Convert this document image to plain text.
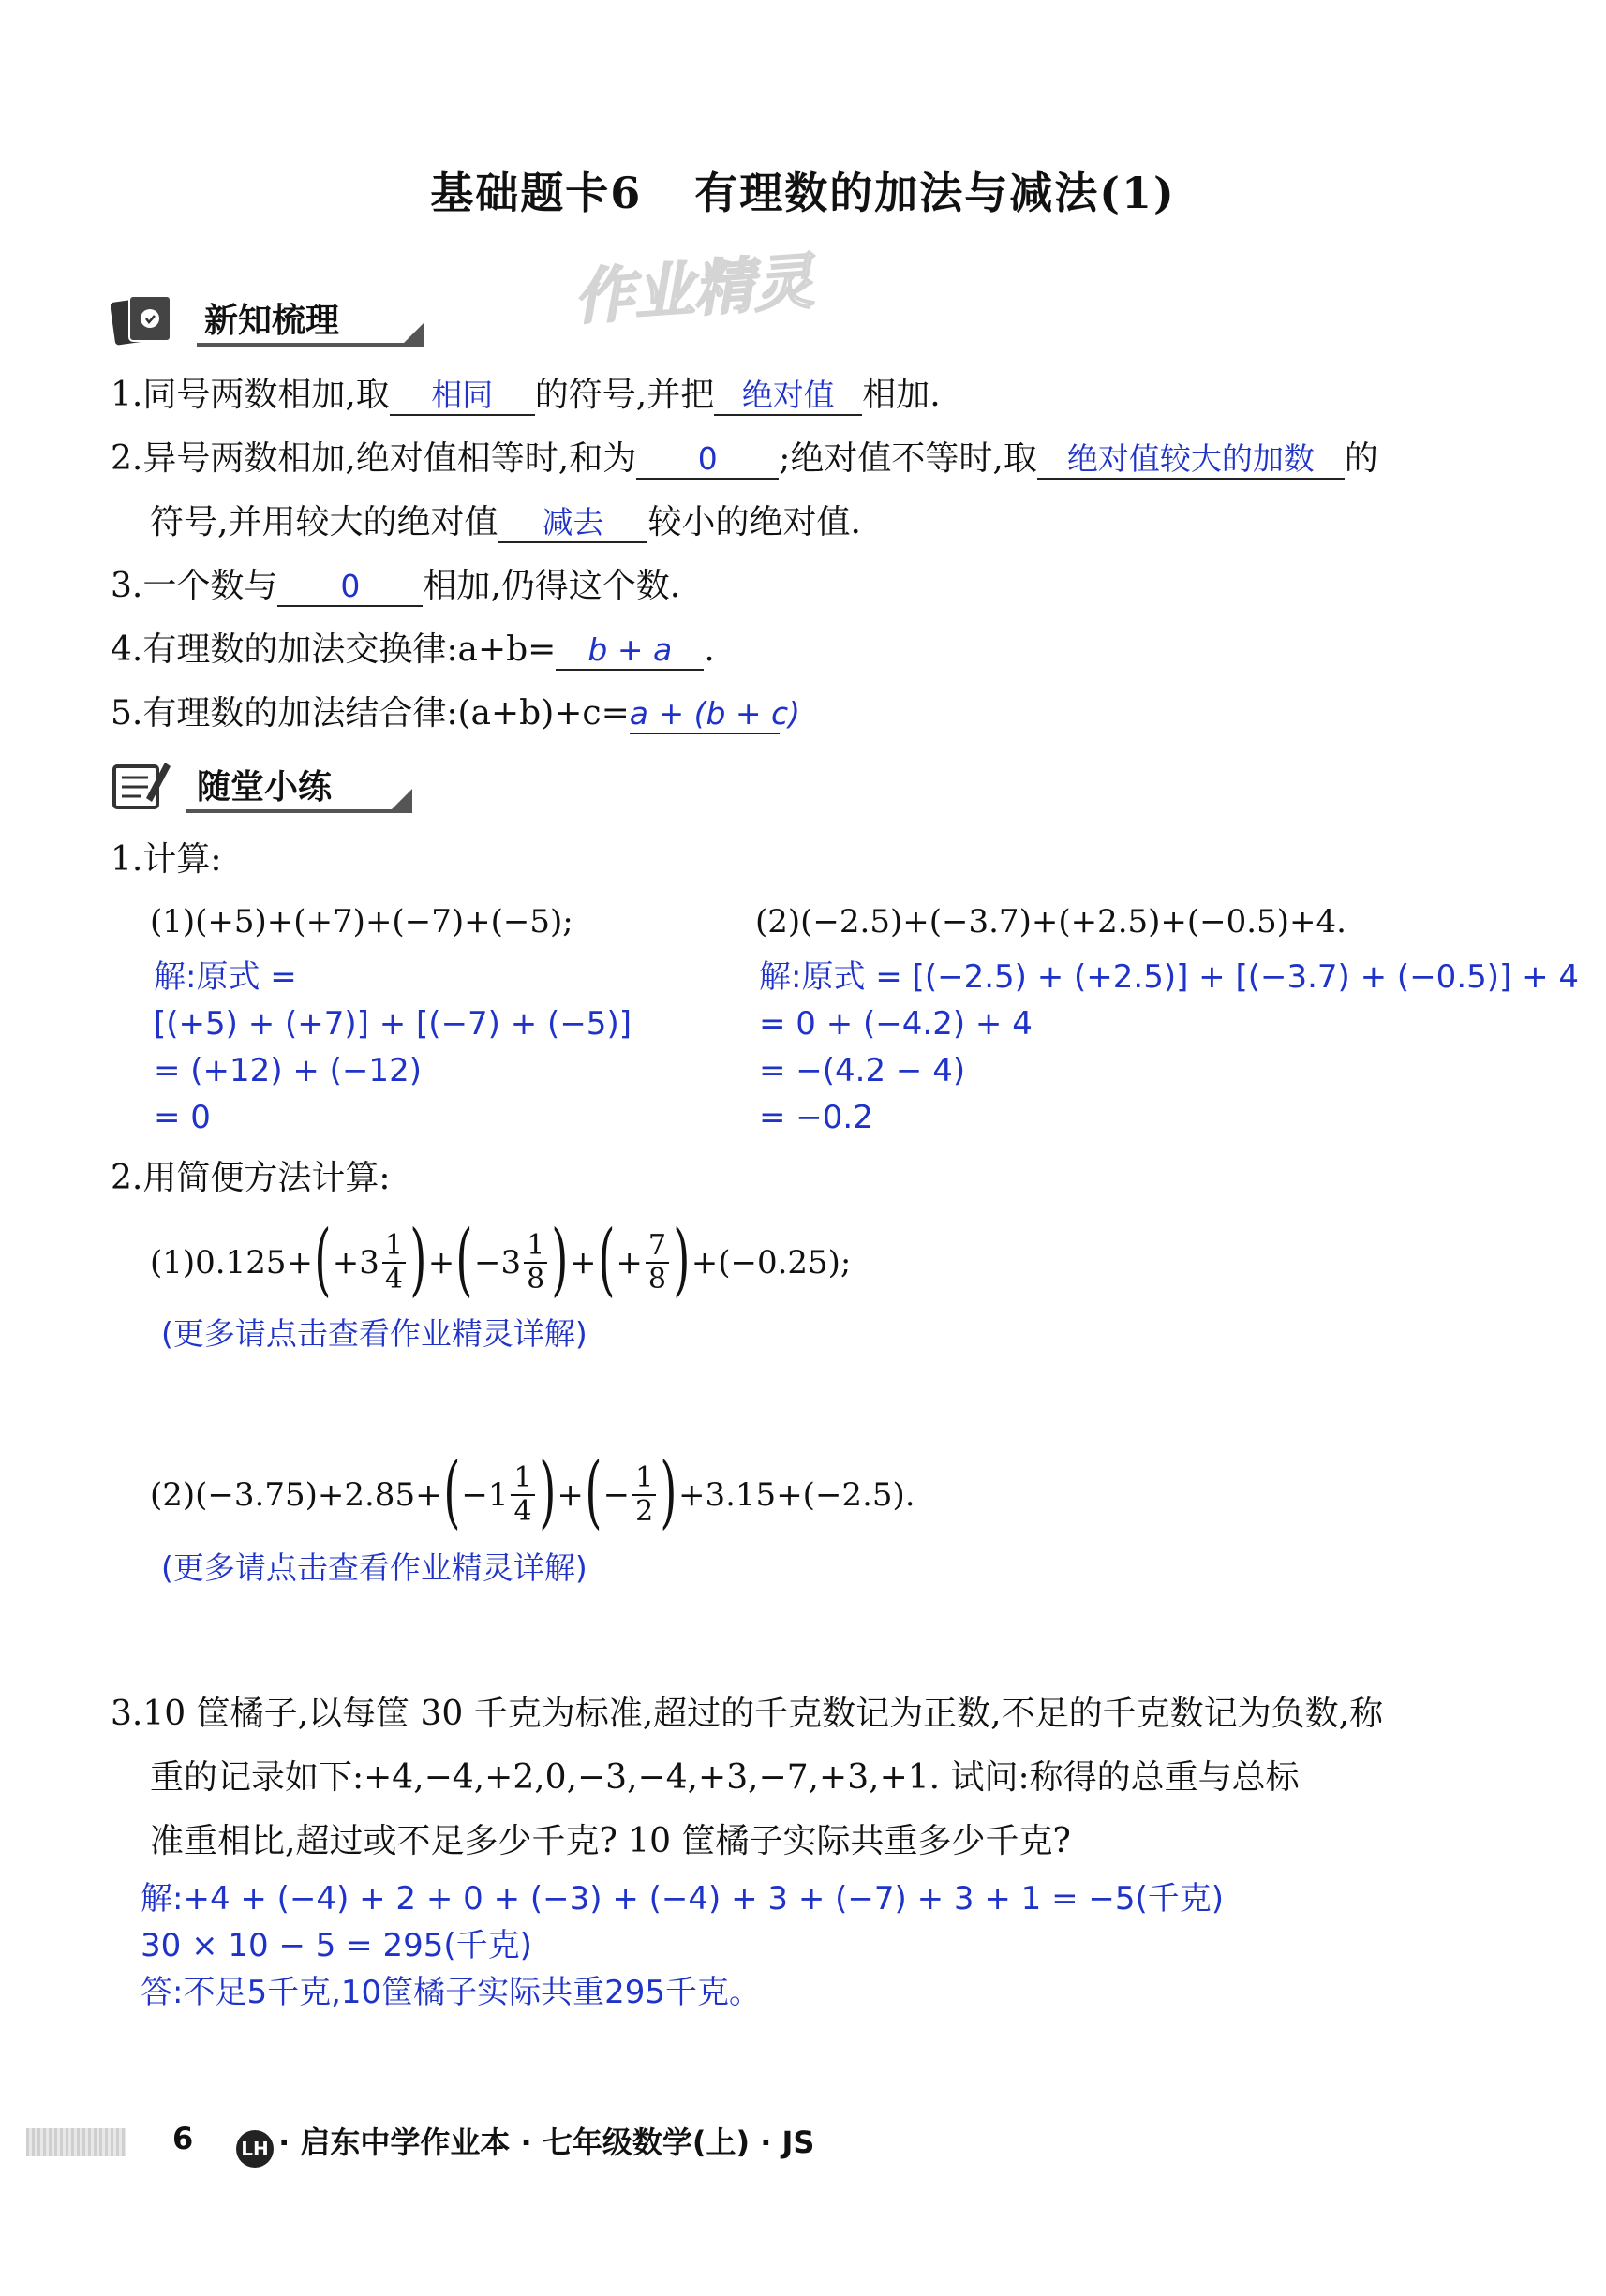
基础题卡6 有理数的加法与减法(1)
作业精灵
新知梳理
1.同号两数相加,取 相同 的符号,并把 绝对值 相加.
2.异号两数相加,绝对值相等时,和为 0 ;绝对值不等时,取 绝对值较大的加数 的
符号,并用较大的绝对值 减去 较小的绝对值.
3.一个数与 0 相加,仍得这个数.
4.有理数的加法交换律:a+b= b + a .
5.有理数的加法结合律:(a+b)+c=a + (b + c)
随堂小练
1.计算:
(1)(+5)+(+7)+(−7)+(−5);	(2)(−2.5)+(−3.7)+(+2.5)+(−0.5)+4.
解:原式 =
[(+5) + (+7)] + [(−7) + (−5)]
= (+12) + (−12)
= 0
解:原式 = [(−2.5) + (+2.5)] + [(−3.7) + (−0.5)] + 4
= 0 + (−4.2) + 4
= −(4.2 − 4)
= −0.2
2.用简便方法计算:
(1)0.125+ ( $+3 \frac{1}{4}$ ) + ( $-3 \frac{1}{8}$ ) + ( + $\frac{7}{8}$ ) +(−0.25);
(更多请点击查看作业精灵详解)
(2)(−3.75)+2.85+ ( $-1 \frac{1}{4}$ ) + ( − $\frac{1}{2}$ ) +3.15+(−2.5).
(更多请点击查看作业精灵详解)
3.10 筐橘子,以每筐 30 千克为标准,超过的千克数记为正数,不足的千克数记为负数,称
重的记录如下:+4,−4,+2,0,−3,−4,+3,−7,+3,+1. 试问:称得的总重与总标
准重相比,超过或不足多少千克? 10 筐橘子实际共重多少千克?
解:+4 + (−4) + 2 + 0 + (−3) + (−4) + 3 + (−7) + 3 + 1 = −5(千克)
30 × 10 − 5 = 295(千克)
答:不足5千克,10筐橘子实际共重295千克。
6	LH · 启东中学作业本 · 七年级数学(上) · JS
